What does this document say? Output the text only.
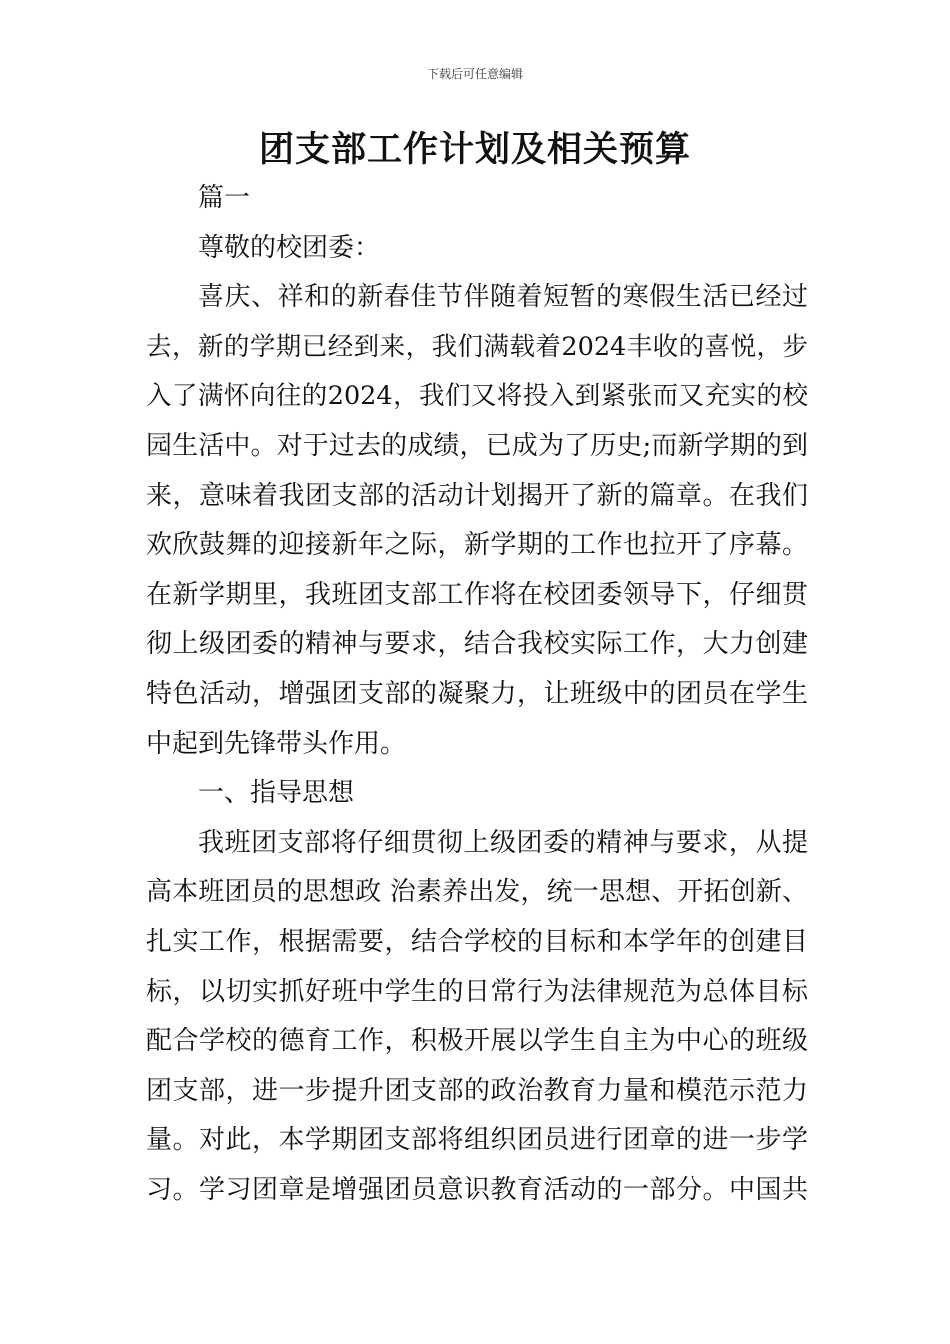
下载后可任意编辑
团支部工作计划及相关预算
篇一
尊敬的校团委：
喜庆、祥和的新春佳节伴随着短暂的寒假生活已经过
去，新的学期已经到来，我们满载着2024丰收的喜悦，步
入了满怀向往的2024，我们又将投入到紧张而又充实的校
园生活中。对于过去的成绩，已成为了历史;而新学期的到
来，意味着我团支部的活动计划揭开了新的篇章。在我们
欢欣鼓舞的迎接新年之际，新学期的工作也拉开了序幕。
在新学期里，我班团支部工作将在校团委领导下，仔细贯
彻上级团委的精神与要求，结合我校实际工作，大力创建
特色活动，增强团支部的凝聚力，让班级中的团员在学生
中起到先锋带头作用。
一、指导思想
我班团支部将仔细贯彻上级团委的精神与要求，从提
高本班团员的思想政 治素养出发，统一思想、开拓创新、
扎实工作，根据需要，结合学校的目标和本学年的创建目
标，以切实抓好班中学生的日常行为法律规范为总体目标
配合学校的德育工作，积极开展以学生自主为中心的班级
团支部，进一步提升团支部的政治教育力量和模范示范力
量。对此，本学期团支部将组织团员进行团章的进一步学
习。学习团章是增强团员意识教育活动的一部分。中国共
